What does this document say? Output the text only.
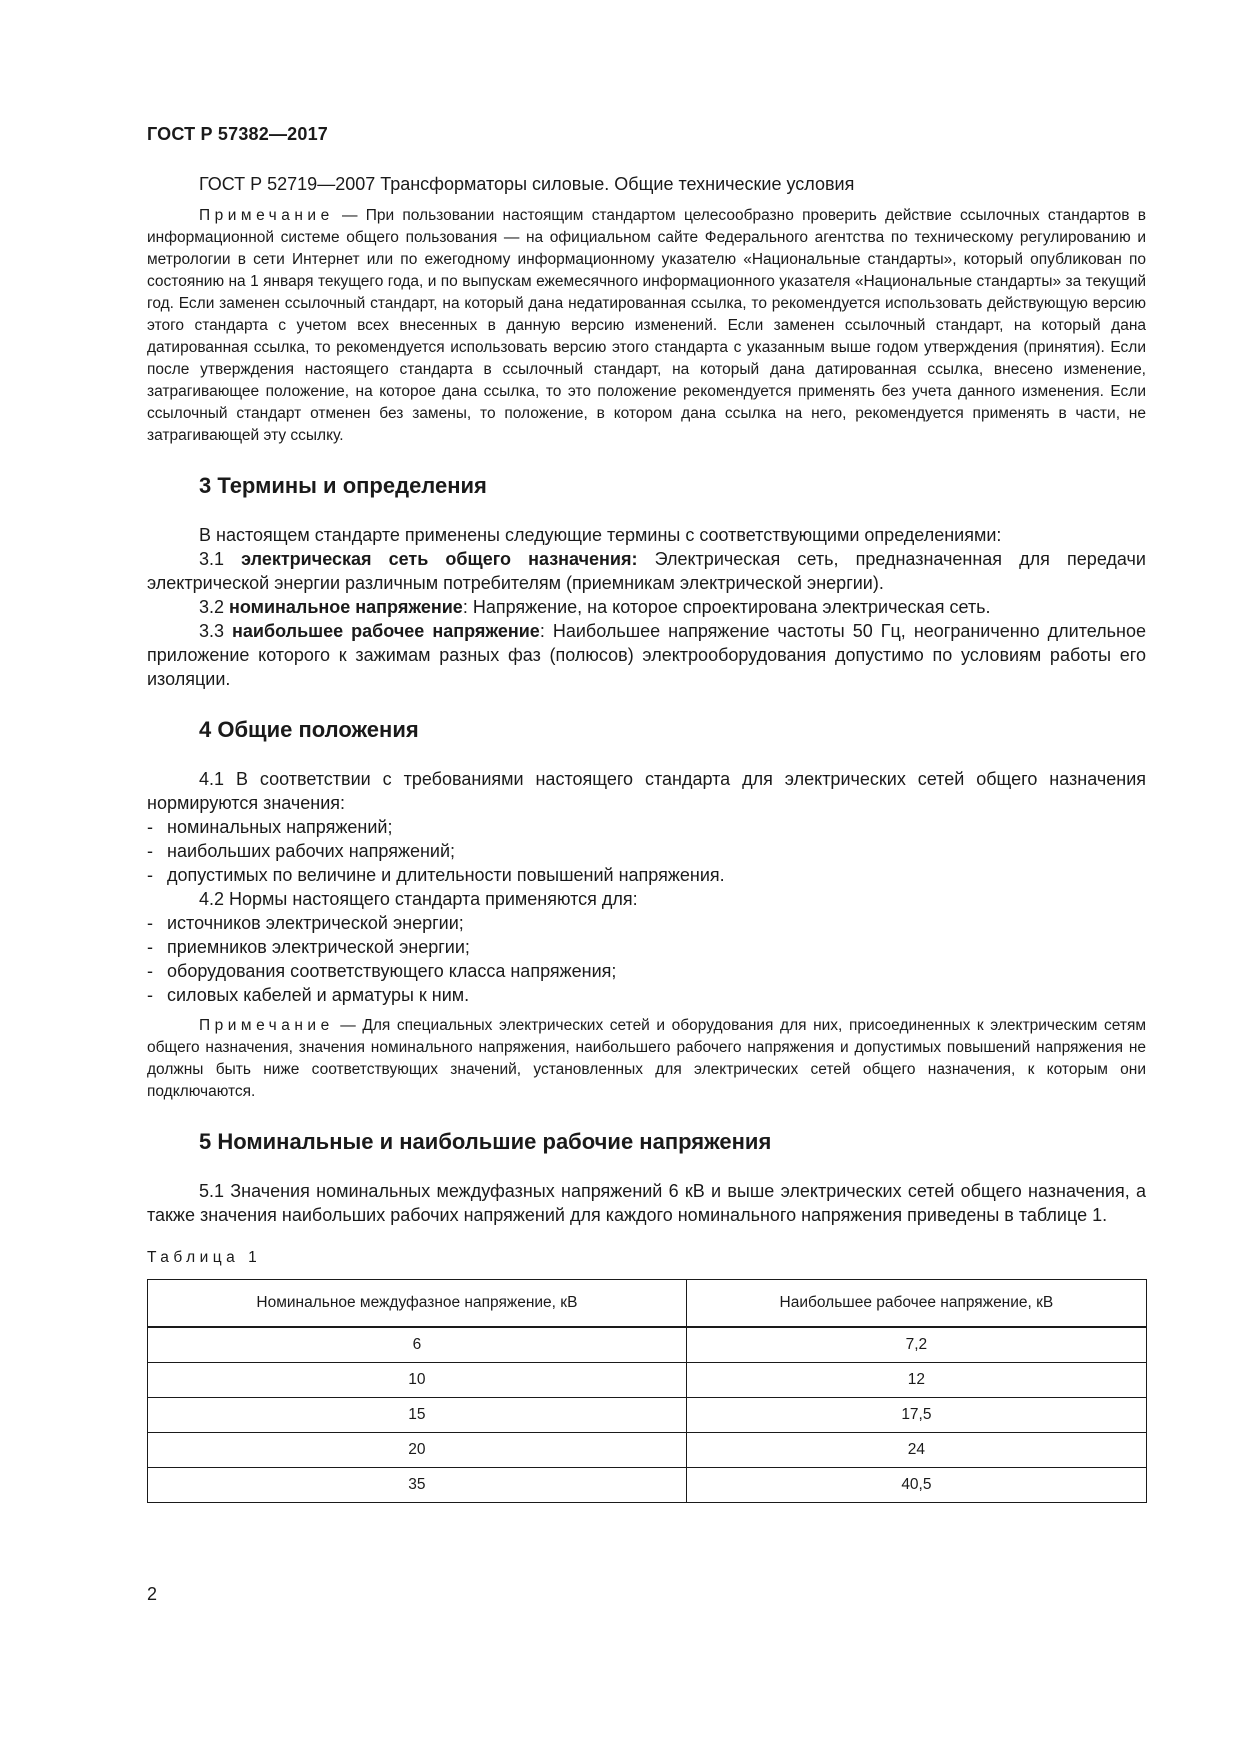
ГОСТ Р 57382—2017

ГОСТ Р 52719—2007 Трансформаторы силовые. Общие технические условия

Примечание — При пользовании настоящим стандартом целесообразно проверить действие ссылочных стандартов в информационной системе общего пользования — на официальном сайте Федерального агентства по техническому регулированию и метрологии в сети Интернет или по ежегодному информационному указателю «Национальные стандарты», который опубликован по состоянию на 1 января текущего года, и по выпускам ежемесячного информационного указателя «Национальные стандарты» за текущий год. Если заменен ссылочный стандарт, на который дана недатированная ссылка, то рекомендуется использовать действующую версию этого стандарта с учетом всех внесенных в данную версию изменений. Если заменен ссылочный стандарт, на который дана датированная ссылка, то рекомендуется использовать версию этого стандарта с указанным выше годом утверждения (принятия). Если после утверждения настоящего стандарта в ссылочный стандарт, на который дана датированная ссылка, внесено изменение, затрагивающее положение, на которое дана ссылка, то это положение рекомендуется применять без учета данного изменения. Если ссылочный стандарт отменен без замены, то положение, в котором дана ссылка на него, рекомендуется применять в части, не затрагивающей эту ссылку.

3 Термины и определения

В настоящем стандарте применены следующие термины с соответствующими определениями:

3.1 электрическая сеть общего назначения: Электрическая сеть, предназначенная для передачи электрической энергии различным потребителям (приемникам электрической энергии).

3.2 номинальное напряжение: Напряжение, на которое спроектирована электрическая сеть.

3.3 наибольшее рабочее напряжение: Наибольшее напряжение частоты 50 Гц, неограниченно длительное приложение которого к зажимам разных фаз (полюсов) электрооборудования допустимо по условиям работы его изоляции.

4 Общие положения

4.1 В соответствии с требованиями настоящего стандарта для электрических сетей общего назначения нормируются значения:

- номинальных напряжений;
- наибольших рабочих напряжений;
- допустимых по величине и длительности повышений напряжения.

4.2 Нормы настоящего стандарта применяются для:

- источников электрической энергии;
- приемников электрической энергии;
- оборудования соответствующего класса напряжения;
- силовых кабелей и арматуры к ним.

Примечание — Для специальных электрических сетей и оборудования для них, присоединенных к электрическим сетям общего назначения, значения номинального напряжения, наибольшего рабочего напряжения и допустимых повышений напряжения не должны быть ниже соответствующих значений, установленных для электрических сетей общего назначения, к которым они подключаются.

5 Номинальные и наибольшие рабочие напряжения

5.1 Значения номинальных междуфазных напряжений 6 кВ и выше электрических сетей общего назначения, а также значения наибольших рабочих напряжений для каждого номинального напряжения приведены в таблице 1.

Таблица 1
Номинальное междуфазное напряжение, кВ	Наибольшее рабочее напряжение, кВ
6	7,2
10	12
15	17,5
20	24
35	40,5
2
